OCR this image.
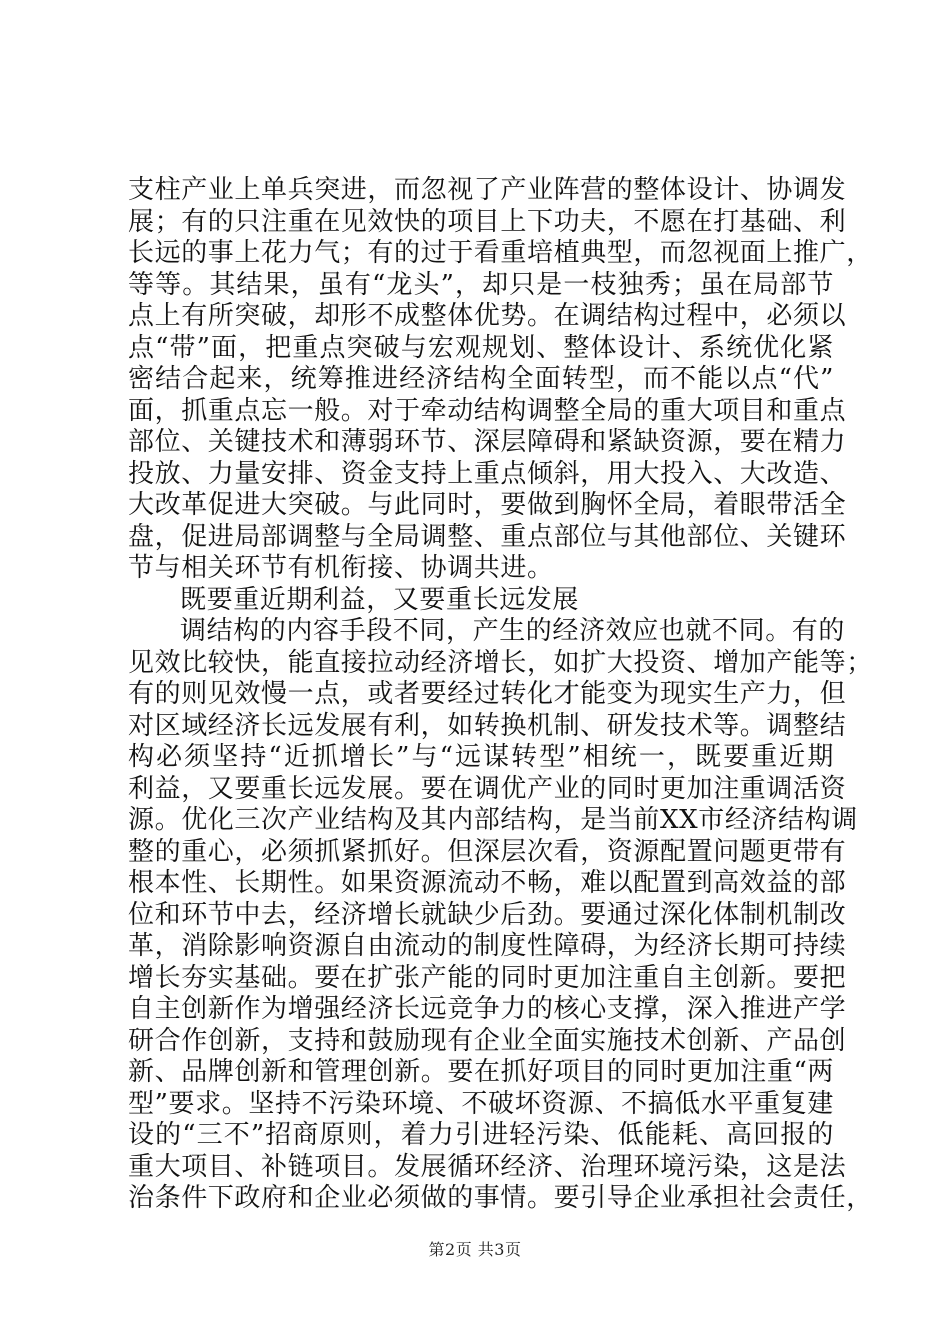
支柱产业上单兵突进，而忽视了产业阵营的整体设计、协调发
展；有的只注重在见效快的项目上下功夫，不愿在打基础、利
长远的事上花力气；有的过于看重培植典型，而忽视面上推广，
等等。其结果，虽有“龙头”，却只是一枝独秀；虽在局部节
点上有所突破，却形不成整体优势。在调结构过程中，必须以
点“带”面，把重点突破与宏观规划、整体设计、系统优化紧
密结合起来，统筹推进经济结构全面转型，而不能以点“代”
面，抓重点忘一般。对于牵动结构调整全局的重大项目和重点
部位、关键技术和薄弱环节、深层障碍和紧缺资源，要在精力
投放、力量安排、资金支持上重点倾斜，用大投入、大改造、
大改革促进大突破。与此同时，要做到胸怀全局，着眼带活全
盘，促进局部调整与全局调整、重点部位与其他部位、关键环
节与相关环节有机衔接、协调共进。
既要重近期利益，又要重长远发展
调结构的内容手段不同，产生的经济效应也就不同。有的
见效比较快，能直接拉动经济增长，如扩大投资、增加产能等；
有的则见效慢一点，或者要经过转化才能变为现实生产力，但
对区域经济长远发展有利，如转换机制、研发技术等。调整结
构必须坚持“近抓增长”与“远谋转型”相统一，既要重近期
利益，又要重长远发展。要在调优产业的同时更加注重调活资
源。优化三次产业结构及其内部结构，是当前XX市经济结构调
整的重心，必须抓紧抓好。但深层次看，资源配置问题更带有
根本性、长期性。如果资源流动不畅，难以配置到高效益的部
位和环节中去，经济增长就缺少后劲。要通过深化体制机制改
革，消除影响资源自由流动的制度性障碍，为经济长期可持续
增长夯实基础。要在扩张产能的同时更加注重自主创新。要把
自主创新作为增强经济长远竞争力的核心支撑，深入推进产学
研合作创新，支持和鼓励现有企业全面实施技术创新、产品创
新、品牌创新和管理创新。要在抓好项目的同时更加注重“两
型”要求。坚持不污染环境、不破坏资源、不搞低水平重复建
设的“三不”招商原则，着力引进轻污染、低能耗、高回报的
重大项目、补链项目。发展循环经济、治理环境污染，这是法
治条件下政府和企业必须做的事情。要引导企业承担社会责任，
第2页 共3页
